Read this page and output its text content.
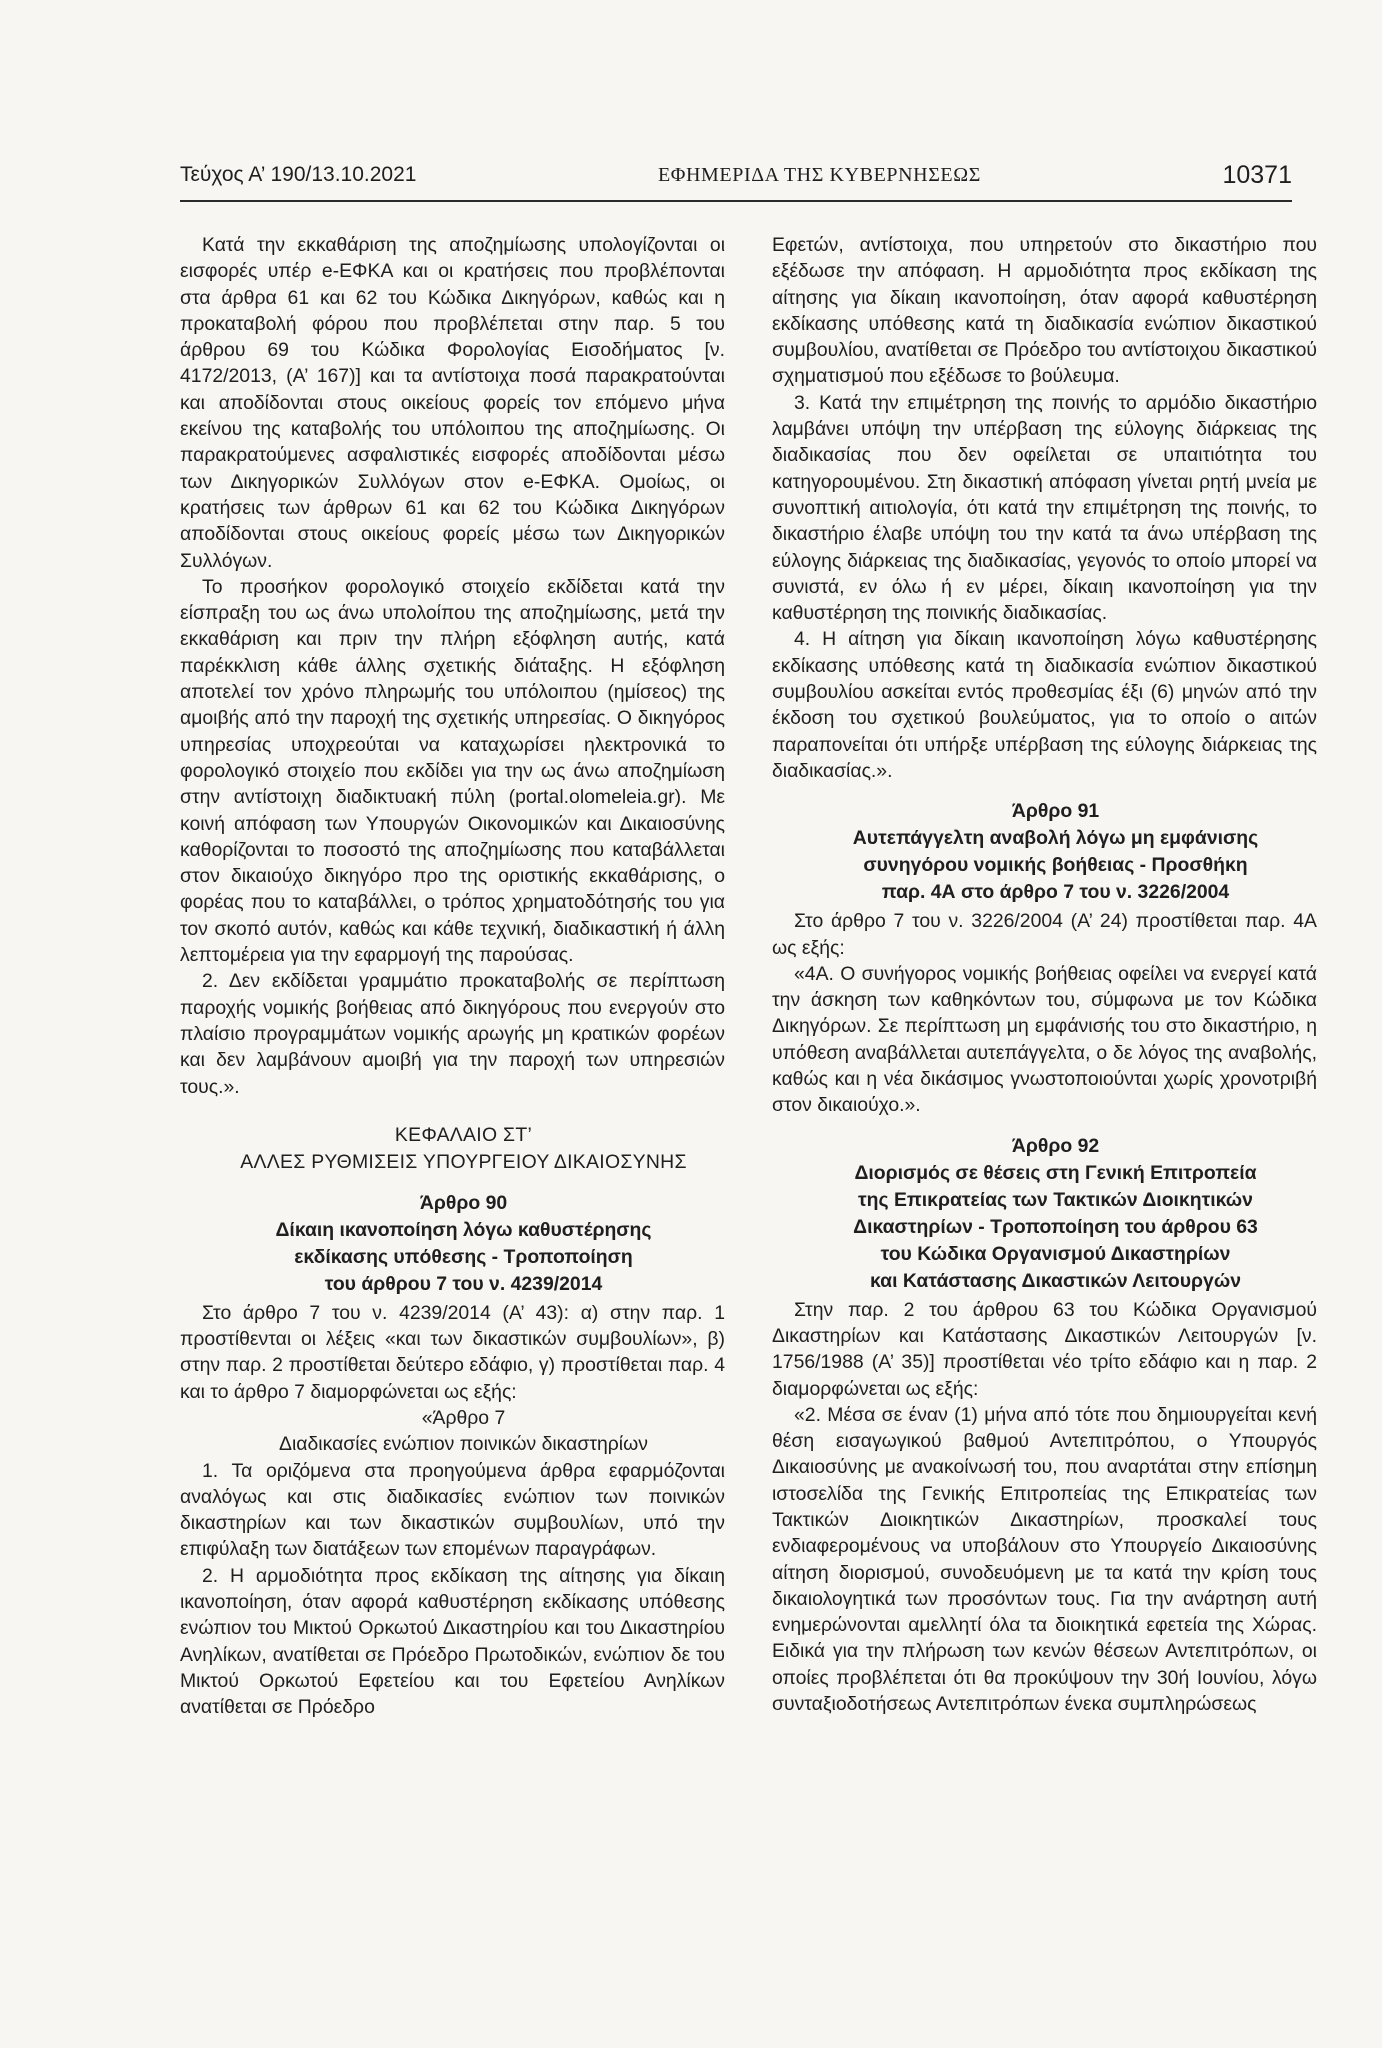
Τεύχος Α’ 190/13.10.2021	ΕΦΗΜΕΡΙΔΑ ΤΗΣ ΚΥΒΕΡΝΗΣΕΩΣ	10371

Κατά την εκκαθάριση της αποζημίωσης υπολογίζονται οι εισφορές υπέρ e-ΕΦΚΑ και οι κρατήσεις που προβλέπονται στα άρθρα 61 και 62 του Κώδικα Δικηγόρων, καθώς και η προκαταβολή φόρου που προβλέπεται στην παρ. 5 του άρθρου 69 του Κώδικα Φορολογίας Εισοδήματος [ν. 4172/2013, (Α’ 167)] και τα αντίστοιχα ποσά παρακρατούνται και αποδίδονται στους οικείους φορείς τον επόμενο μήνα εκείνου της καταβολής του υπόλοιπου της αποζημίωσης. Οι παρακρατούμενες ασφαλιστικές εισφορές αποδίδονται μέσω των Δικηγορικών Συλλόγων στον e-ΕΦΚΑ. Ομοίως, οι κρατήσεις των άρθρων 61 και 62 του Κώδικα Δικηγόρων αποδίδονται στους οικείους φορείς μέσω των Δικηγορικών Συλλόγων.

Το προσήκον φορολογικό στοιχείο εκδίδεται κατά την είσπραξη του ως άνω υπολοίπου της αποζημίωσης, μετά την εκκαθάριση και πριν την πλήρη εξόφληση αυτής, κατά παρέκκλιση κάθε άλλης σχετικής διάταξης. Η εξόφληση αποτελεί τον χρόνο πληρωμής του υπόλοιπου (ημίσεος) της αμοιβής από την παροχή της σχετικής υπηρεσίας. Ο δικηγόρος υπηρεσίας υποχρεούται να καταχωρίσει ηλεκτρονικά το φορολογικό στοιχείο που εκδίδει για την ως άνω αποζημίωση στην αντίστοιχη διαδικτυακή πύλη (portal.olomeleia.gr). Με κοινή απόφαση των Υπουργών Οικονομικών και Δικαιοσύνης καθορίζονται το ποσοστό της αποζημίωσης που καταβάλλεται στον δικαιούχο δικηγόρο προ της οριστικής εκκαθάρισης, ο φορέας που το καταβάλλει, ο τρόπος χρηματοδότησής του για τον σκοπό αυτόν, καθώς και κάθε τεχνική, διαδικαστική ή άλλη λεπτομέρεια για την εφαρμογή της παρούσας.

2. Δεν εκδίδεται γραμμάτιο προκαταβολής σε περίπτωση παροχής νομικής βοήθειας από δικηγόρους που ενεργούν στο πλαίσιο προγραμμάτων νομικής αρωγής μη κρατικών φορέων και δεν λαμβάνουν αμοιβή για την παροχή των υπηρεσιών τους.».

ΚΕΦΑΛΑΙΟ ΣΤ’

ΑΛΛΕΣ ΡΥΘΜΙΣΕΙΣ ΥΠΟΥΡΓΕΙΟΥ ΔΙΚΑΙΟΣΥΝΗΣ

Άρθρο 90

Δίκαιη ικανοποίηση λόγω καθυστέρησης

εκδίκασης υπόθεσης - Τροποποίηση

του άρθρου 7 του ν. 4239/2014

Στο άρθρο 7 του ν. 4239/2014 (Α’ 43): α) στην παρ. 1 προστίθενται οι λέξεις «και των δικαστικών συμβουλίων», β) στην παρ. 2 προστίθεται δεύτερο εδάφιο, γ) προστίθεται παρ. 4 και το άρθρο 7 διαμορφώνεται ως εξής:

«Άρθρο 7

Διαδικασίες ενώπιον ποινικών δικαστηρίων

1. Τα οριζόμενα στα προηγούμενα άρθρα εφαρμόζονται αναλόγως και στις διαδικασίες ενώπιον των ποινικών δικαστηρίων και των δικαστικών συμβουλίων, υπό την επιφύλαξη των διατάξεων των επομένων παραγράφων.

2. Η αρμοδιότητα προς εκδίκαση της αίτησης για δίκαιη ικανοποίηση, όταν αφορά καθυστέρηση εκδίκασης υπόθεσης ενώπιον του Μικτού Ορκωτού Δικαστηρίου και του Δικαστηρίου Ανηλίκων, ανατίθεται σε Πρόεδρο Πρωτοδικών, ενώπιον δε του Μικτού Ορκωτού Εφετείου και του Εφετείου Ανηλίκων ανατίθεται σε Πρόεδρο

Εφετών, αντίστοιχα, που υπηρετούν στο δικαστήριο που εξέδωσε την απόφαση. Η αρμοδιότητα προς εκδίκαση της αίτησης για δίκαιη ικανοποίηση, όταν αφορά καθυστέρηση εκδίκασης υπόθεσης κατά τη διαδικασία ενώπιον δικαστικού συμβουλίου, ανατίθεται σε Πρόεδρο του αντίστοιχου δικαστικού σχηματισμού που εξέδωσε το βούλευμα.

3. Κατά την επιμέτρηση της ποινής το αρμόδιο δικαστήριο λαμβάνει υπόψη την υπέρβαση της εύλογης διάρκειας της διαδικασίας που δεν οφείλεται σε υπαιτιότητα του κατηγορουμένου. Στη δικαστική απόφαση γίνεται ρητή μνεία με συνοπτική αιτιολογία, ότι κατά την επιμέτρηση της ποινής, το δικαστήριο έλαβε υπόψη του την κατά τα άνω υπέρβαση της εύλογης διάρκειας της διαδικασίας, γεγονός το οποίο μπορεί να συνιστά, εν όλω ή εν μέρει, δίκαιη ικανοποίηση για την καθυστέρηση της ποινικής διαδικασίας.

4. Η αίτηση για δίκαιη ικανοποίηση λόγω καθυστέρησης εκδίκασης υπόθεσης κατά τη διαδικασία ενώπιον δικαστικού συμβουλίου ασκείται εντός προθεσμίας έξι (6) μηνών από την έκδοση του σχετικού βουλεύματος, για το οποίο ο αιτών παραπονείται ότι υπήρξε υπέρβαση της εύλογης διάρκειας της διαδικασίας.».

Άρθρο 91

Αυτεπάγγελτη αναβολή λόγω μη εμφάνισης

συνηγόρου νομικής βοήθειας - Προσθήκη

παρ. 4Α στο άρθρο 7 του ν. 3226/2004

Στο άρθρο 7 του ν. 3226/2004 (Α’ 24) προστίθεται παρ. 4Α ως εξής:

«4Α. Ο συνήγορος νομικής βοήθειας οφείλει να ενεργεί κατά την άσκηση των καθηκόντων του, σύμφωνα με τον Κώδικα Δικηγόρων. Σε περίπτωση μη εμφάνισής του στο δικαστήριο, η υπόθεση αναβάλλεται αυτεπάγγελτα, ο δε λόγος της αναβολής, καθώς και η νέα δικάσιμος γνωστοποιούνται χωρίς χρονοτριβή στον δικαιούχο.».

Άρθρο 92

Διορισμός σε θέσεις στη Γενική Επιτροπεία

της Επικρατείας των Τακτικών Διοικητικών

Δικαστηρίων - Τροποποίηση του άρθρου 63

του Κώδικα Οργανισμού Δικαστηρίων

και Κατάστασης Δικαστικών Λειτουργών

Στην παρ. 2 του άρθρου 63 του Κώδικα Οργανισμού Δικαστηρίων και Κατάστασης Δικαστικών Λειτουργών [ν. 1756/1988 (Α’ 35)] προστίθεται νέο τρίτο εδάφιο και η παρ. 2 διαμορφώνεται ως εξής:

«2. Μέσα σε έναν (1) μήνα από τότε που δημιουργείται κενή θέση εισαγωγικού βαθμού Αντεπιτρόπου, ο Υπουργός Δικαιοσύνης με ανακοίνωσή του, που αναρτάται στην επίσημη ιστοσελίδα της Γενικής Επιτροπείας της Επικρατείας των Τακτικών Διοικητικών Δικαστηρίων, προσκαλεί τους ενδιαφερομένους να υποβάλουν στο Υπουργείο Δικαιοσύνης αίτηση διορισμού, συνοδευόμενη με τα κατά την κρίση τους δικαιολογητικά των προσόντων τους. Για την ανάρτηση αυτή ενημερώνονται αμελλητί όλα τα διοικητικά εφετεία της Χώρας. Ειδικά για την πλήρωση των κενών θέσεων Αντεπιτρόπων, οι οποίες προβλέπεται ότι θα προκύψουν την 30ή Ιουνίου, λόγω συνταξιοδοτήσεως Αντεπιτρόπων ένεκα συμπληρώσεως
